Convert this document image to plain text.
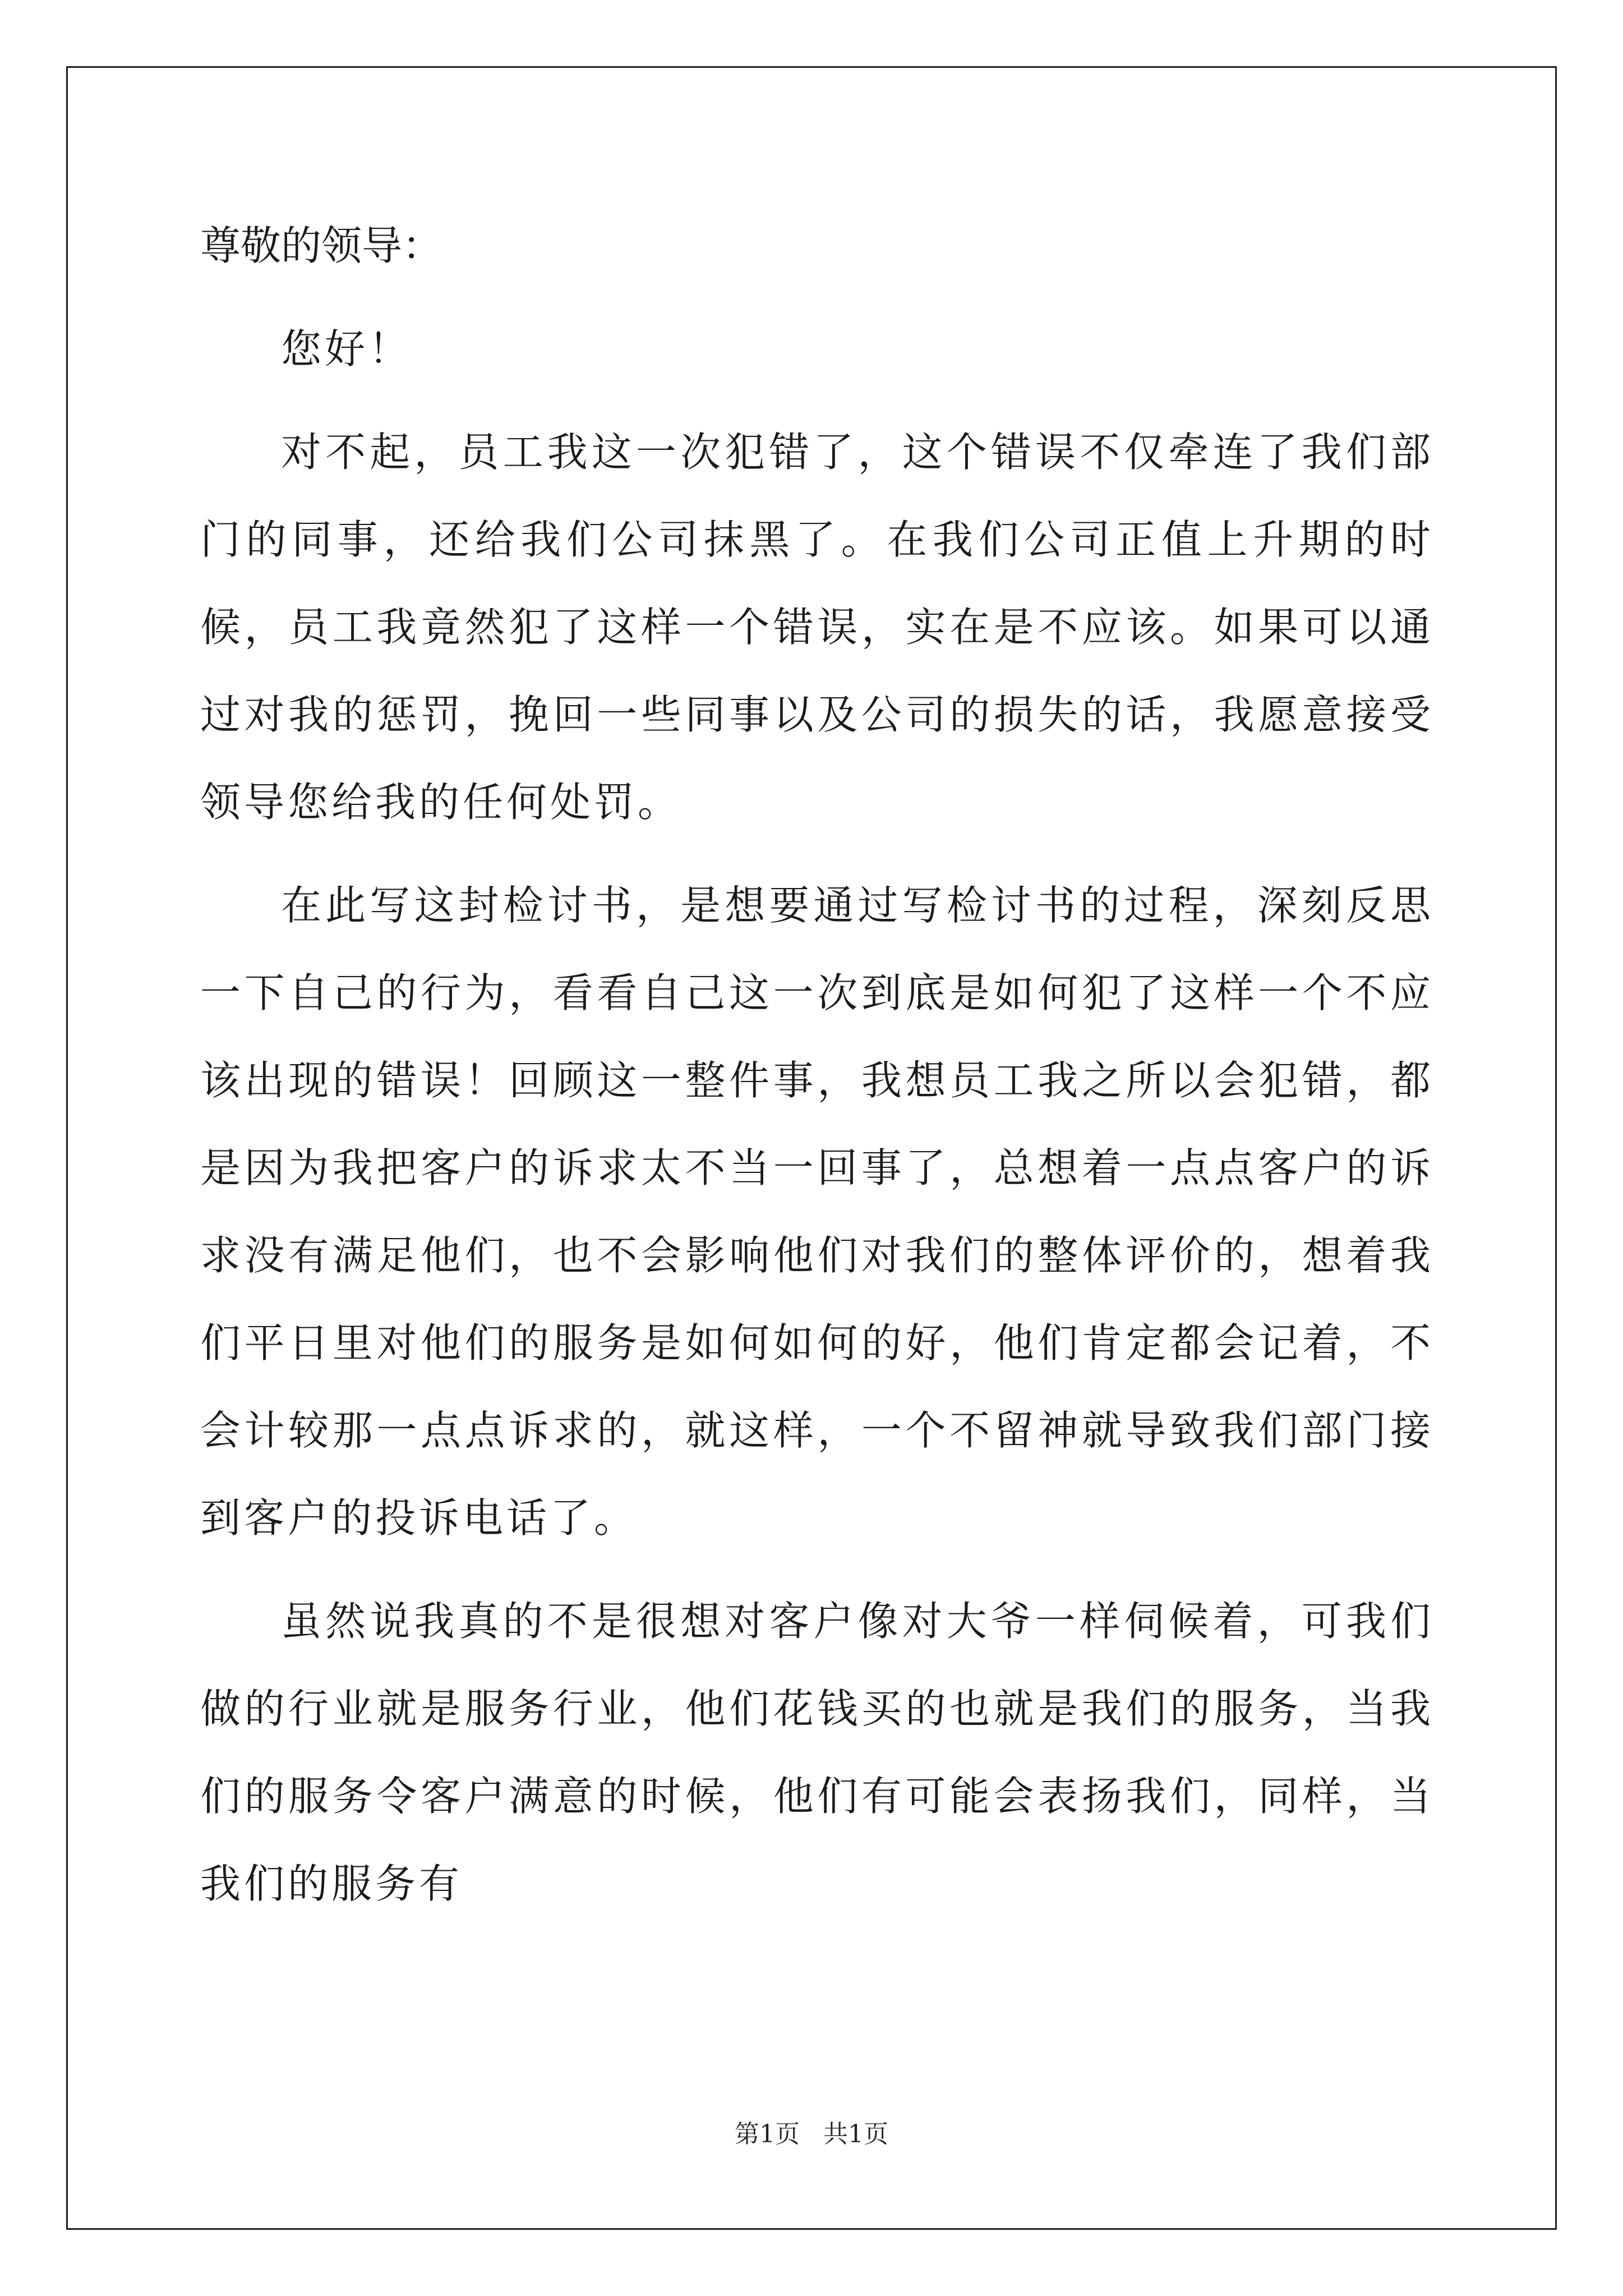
尊敬的领导：

您好！

对不起，员工我这一次犯错了，这个错误不仅牵连了我们部门的同事，还给我们公司抹黑了。在我们公司正值上升期的时候，员工我竟然犯了这样一个错误，实在是不应该。如果可以通过对我的惩罚，挽回一些同事以及公司的损失的话，我愿意接受领导您给我的任何处罚。

在此写这封检讨书，是想要通过写检讨书的过程，深刻反思一下自己的行为，看看自己这一次到底是如何犯了这样一个不应该出现的错误！回顾这一整件事，我想员工我之所以会犯错，都是因为我把客户的诉求太不当一回事了，总想着一点点客户的诉求没有满足他们，也不会影响他们对我们的整体评价的，想着我们平日里对他们的服务是如何如何的好，他们肯定都会记着，不会计较那一点点诉求的，就这样，一个不留神就导致我们部门接到客户的投诉电话了。

虽然说我真的不是很想对客户像对大爷一样伺候着，可我们做的行业就是服务行业，他们花钱买的也就是我们的服务，当我们的服务令客户满意的时候，他们有可能会表扬我们，同样，当我们的服务有

第1页   共1页
